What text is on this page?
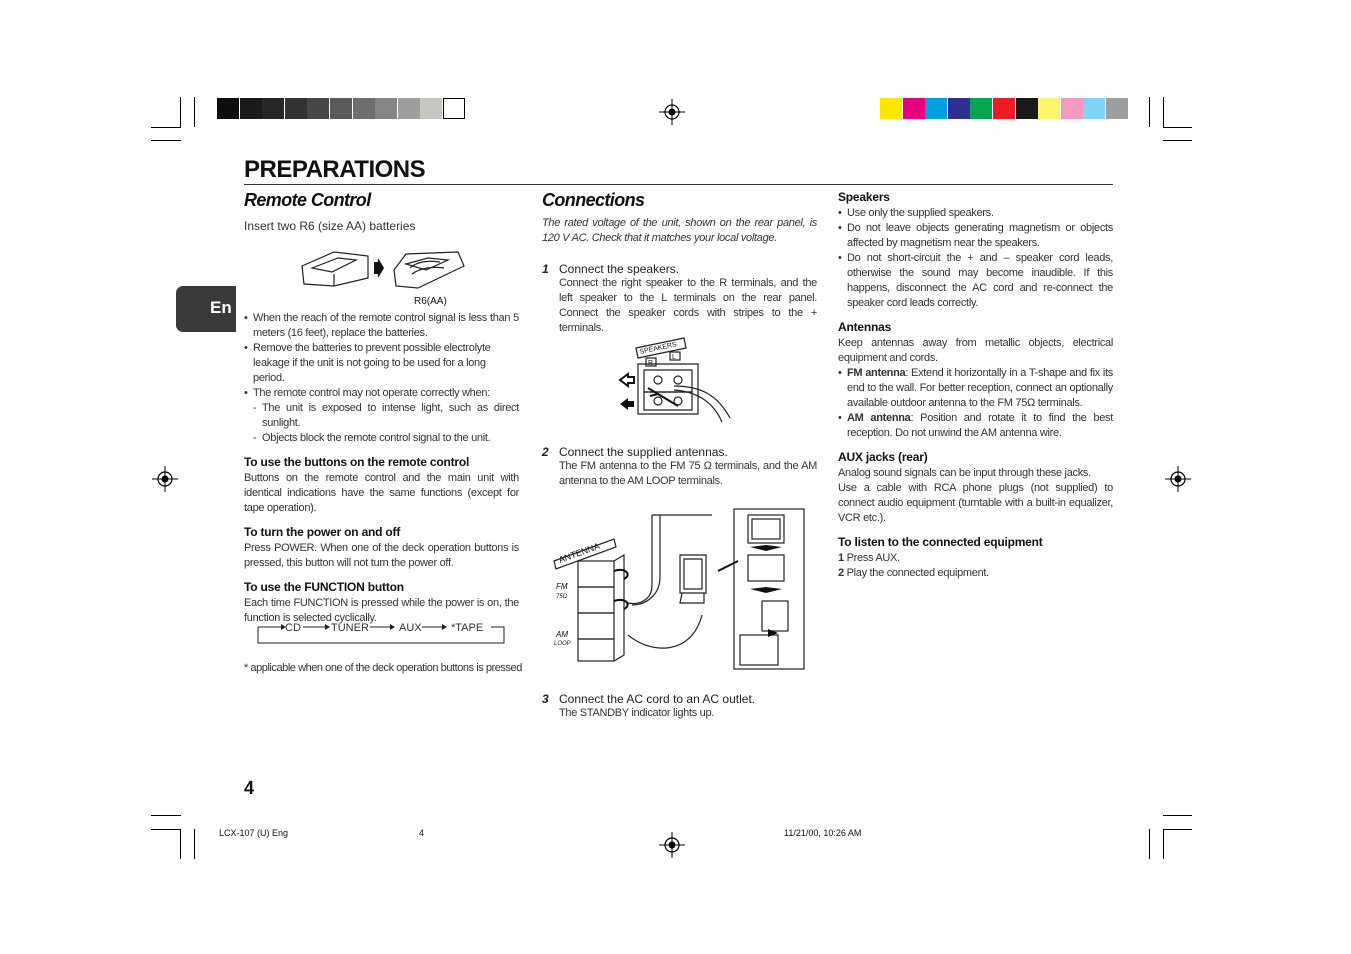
PREPARATIONS
En
Remote Control
Insert two R6 (size AA) batteries
R6(AA)

• When the reach of the remote control signal is less than 5 meters (16 feet), replace the batteries.

• Remove the batteries to prevent possible electrolyte leakage if the unit is not going to be used for a long period.

• The remote control may not operate correctly when:

- The unit is exposed to intense light, such as direct sunlight.

- Objects block the remote control signal to the unit.

To use the buttons on the remote control

Buttons on the remote control and the main unit with identical indications have the same functions (except for tape operation).

To turn the power on and off

Press POWER. When one of the deck operation buttons is pressed, this button will not turn the power off.

To use the FUNCTION button

Each time FUNCTION is pressed while the power is on, the function is selected cyclically.

CD	TUNER	AUX	*TAPE
* applicable when one of the deck operation buttons is pressed
4
Connections
The rated voltage of the unit, shown on the rear panel, is 120 V AC. Check that it matches your local voltage.
1 Connect the speakers.
Connect the right speaker to the R terminals, and the left speaker to the L terminals on the rear panel. Connect the speaker cords with stripes to the + terminals.
SPEAKERS
R
L
2 Connect the supplied antennas.
The FM antenna to the FM 75 Ω terminals, and the AM antenna to the AM LOOP terminals.
ANTENNA
FM
75Ω
AM
LOOP
3 Connect the AC cord to an AC outlet.
The STANDBY indicator lights up.

Speakers

• Use only the supplied speakers.

• Do not leave objects generating magnetism or objects affected by magnetism near the speakers.

• Do not short-circuit the + and – speaker cord leads, otherwise the sound may become inaudible. If this happens, disconnect the AC cord and re-connect the speaker cord leads correctly.

Antennas

Keep antennas away from metallic objects, electrical equipment and cords.

• FM antenna: Extend it horizontally in a T-shape and fix its end to the wall. For better reception, connect an optionally available outdoor antenna to the FM 75Ω terminals.

• AM antenna: Position and rotate it to find the best reception. Do not unwind the AM antenna wire.

AUX jacks (rear)

Analog sound signals can be input through these jacks.

Use a cable with RCA phone plugs (not supplied) to connect audio equipment (turntable with a built-in equalizer, VCR etc.).

To listen to the connected equipment

1 Press AUX.

2 Play the connected equipment.

LCX-107 (U) Eng	4	11/21/00, 10:26 AM
